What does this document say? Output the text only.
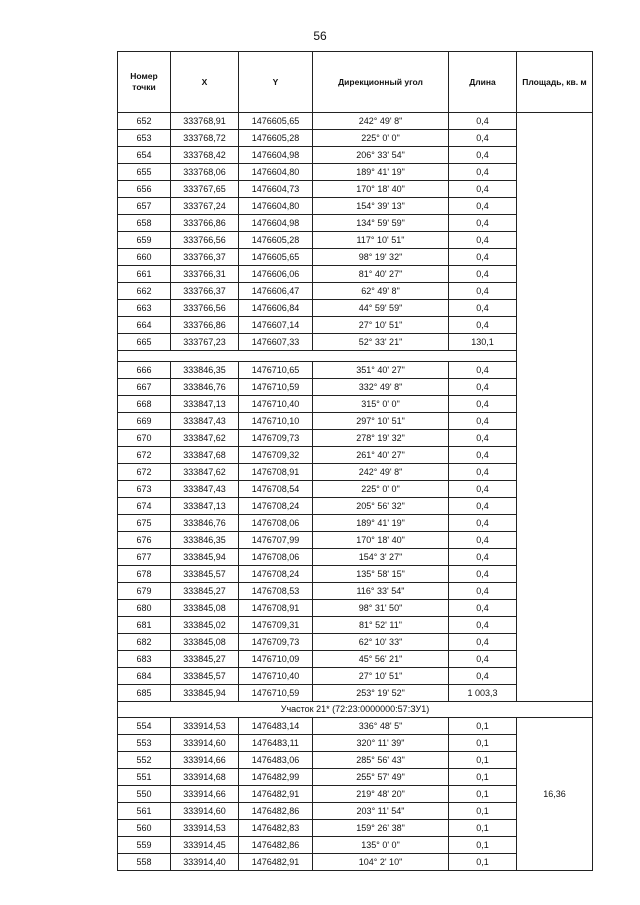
56
Номер точки	X	Y	Дирекционный угол	Длина	Площадь, кв. м
652	333768,91	1476605,65	242° 49' 8"	0,4	
653	333768,72	1476605,28	225° 0' 0"	0,4	
654	333768,42	1476604,98	206° 33' 54"	0,4	
655	333768,06	1476604,80	189° 41' 19"	0,4	
656	333767,65	1476604,73	170° 18' 40"	0,4	
657	333767,24	1476604,80	154° 39' 13"	0,4	
658	333766,86	1476604,98	134° 59' 59"	0,4	
659	333766,56	1476605,28	117° 10' 51"	0,4	
660	333766,37	1476605,65	98° 19' 32"	0,4	
661	333766,31	1476606,06	81° 40' 27"	0,4	
662	333766,37	1476606,47	62° 49' 8"	0,4	
663	333766,56	1476606,84	44° 59' 59"	0,4	
664	333766,86	1476607,14	27° 10' 51"	0,4	
665	333767,23	1476607,33	52° 33' 21"	130,1	

666	333846,35	1476710,65	351° 40' 27"	0,4	
667	333846,76	1476710,59	332° 49' 8"	0,4	
668	333847,13	1476710,40	315° 0' 0"	0,4	
669	333847,43	1476710,10	297° 10' 51"	0,4	
670	333847,62	1476709,73	278° 19' 32"	0,4	
672	333847,68	1476709,32	261° 40' 27"	0,4	
672	333847,62	1476708,91	242° 49' 8"	0,4	
673	333847,43	1476708,54	225° 0' 0"	0,4	
674	333847,13	1476708,24	205° 56' 32"	0,4	
675	333846,76	1476708,06	189° 41' 19"	0,4	
676	333846,35	1476707,99	170° 18' 40"	0,4	
677	333845,94	1476708,06	154° 3' 27"	0,4	
678	333845,57	1476708,24	135° 58' 15"	0,4	
679	333845,27	1476708,53	116° 33' 54"	0,4	
680	333845,08	1476708,91	98° 31' 50"	0,4	
681	333845,02	1476709,31	81° 52' 11"	0,4	
682	333845,08	1476709,73	62° 10' 33"	0,4	
683	333845,27	1476710,09	45° 56' 21"	0,4	
684	333845,57	1476710,40	27° 10' 51"	0,4	
685	333845,94	1476710,59	253° 19' 52"	1 003,3	
Участок 21* (72:23:0000000:57:ЗУ1)					
554	333914,53	1476483,14	336° 48' 5"	0,1	16,36
553	333914,60	1476483,11	320° 11' 39"	0,1	
552	333914,66	1476483,06	285° 56' 43"	0,1	
551	333914,68	1476482,99	255° 57' 49"	0,1	
550	333914,66	1476482,91	219° 48' 20"	0,1	
561	333914,60	1476482,86	203° 11' 54"	0,1	
560	333914,53	1476482,83	159° 26' 38"	0,1	
559	333914,45	1476482,86	135° 0' 0"	0,1	
558	333914,40	1476482,91	104° 2' 10"	0,1	
